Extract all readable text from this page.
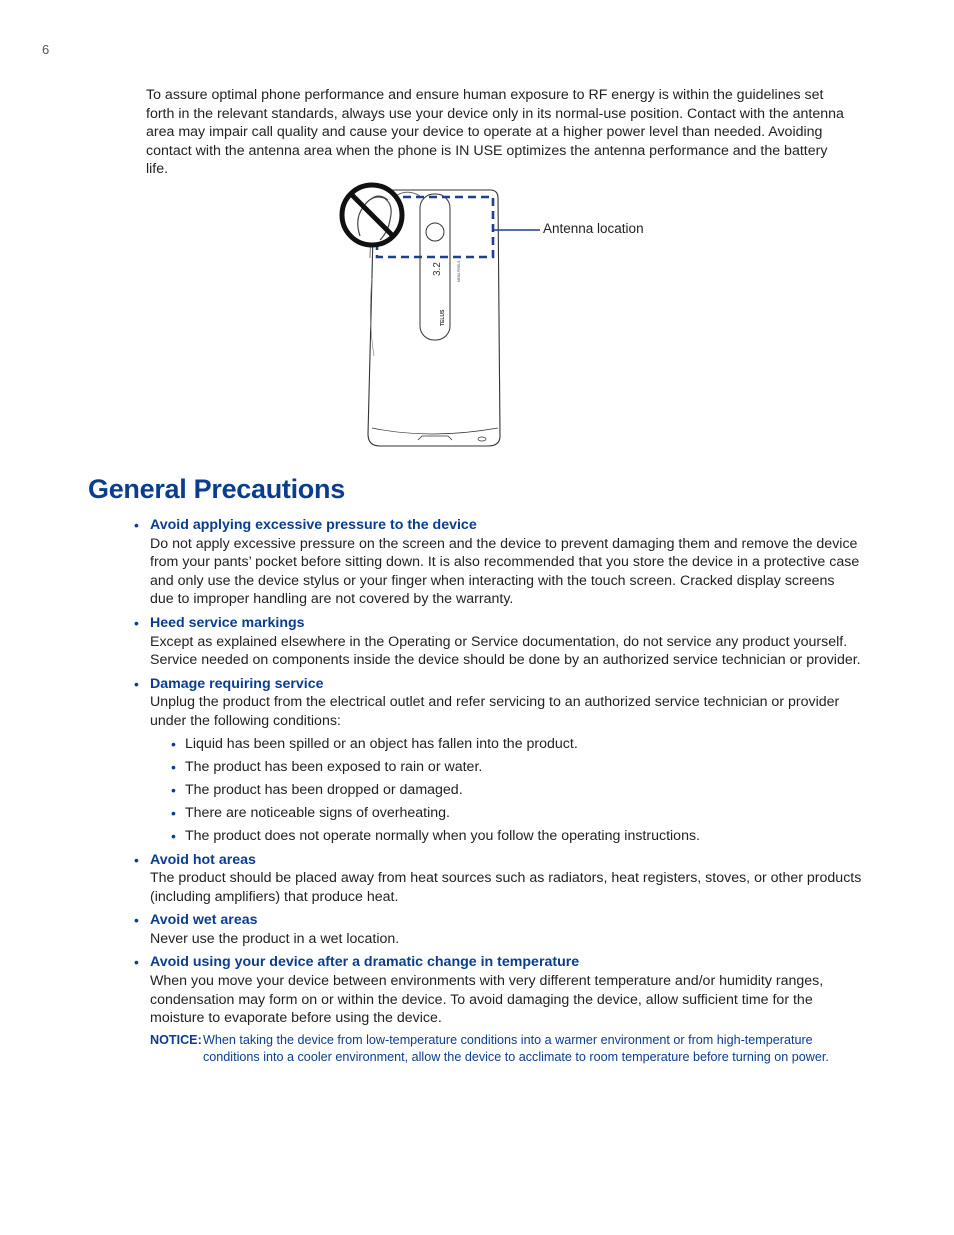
6

To assure optimal phone performance and ensure human exposure to RF energy is within the guidelines set forth in the relevant standards, always use your device only in its normal-use position. Contact with the antenna area may impair call quality and cause your device to operate at a higher power level than needed. Avoiding contact with the antenna area when the phone is IN USE optimizes the antenna performance and the battery life.

3.2	MEGA PIXELS
TELUS
Antenna location
General Precautions
• Avoid applying excessive pressure to the device
Do not apply excessive pressure on the screen and the device to prevent damaging them and remove the device from your pants’ pocket before sitting down. It is also recommended that you store the device in a protective case and only use the device stylus or your finger when interacting with the touch screen. Cracked display screens due to improper handling are not covered by the warranty.
• Heed service markings
Except as explained elsewhere in the Operating or Service documentation, do not service any product yourself. Service needed on components inside the device should be done by an authorized service technician or provider.
• Damage requiring service
Unplug the product from the electrical outlet and refer servicing to an authorized service technician or provider under the following conditions:
• Liquid has been spilled or an object has fallen into the product.
• The product has been exposed to rain or water.
• The product has been dropped or damaged.
• There are noticeable signs of overheating.
• The product does not operate normally when you follow the operating instructions.
• Avoid hot areas
The product should be placed away from heat sources such as radiators, heat registers, stoves, or other products (including amplifiers) that produce heat.
• Avoid wet areas
Never use the product in a wet location.
• Avoid using your device after a dramatic change in temperature
When you move your device between environments with very different temperature and/or humidity ranges, condensation may form on or within the device. To avoid damaging the device, allow sufficient time for the moisture to evaporate before using the device.
NOTICE: When taking the device from low-temperature conditions into a warmer environment or from high-temperature conditions into a cooler environment, allow the device to acclimate to room temperature before turning on power.
